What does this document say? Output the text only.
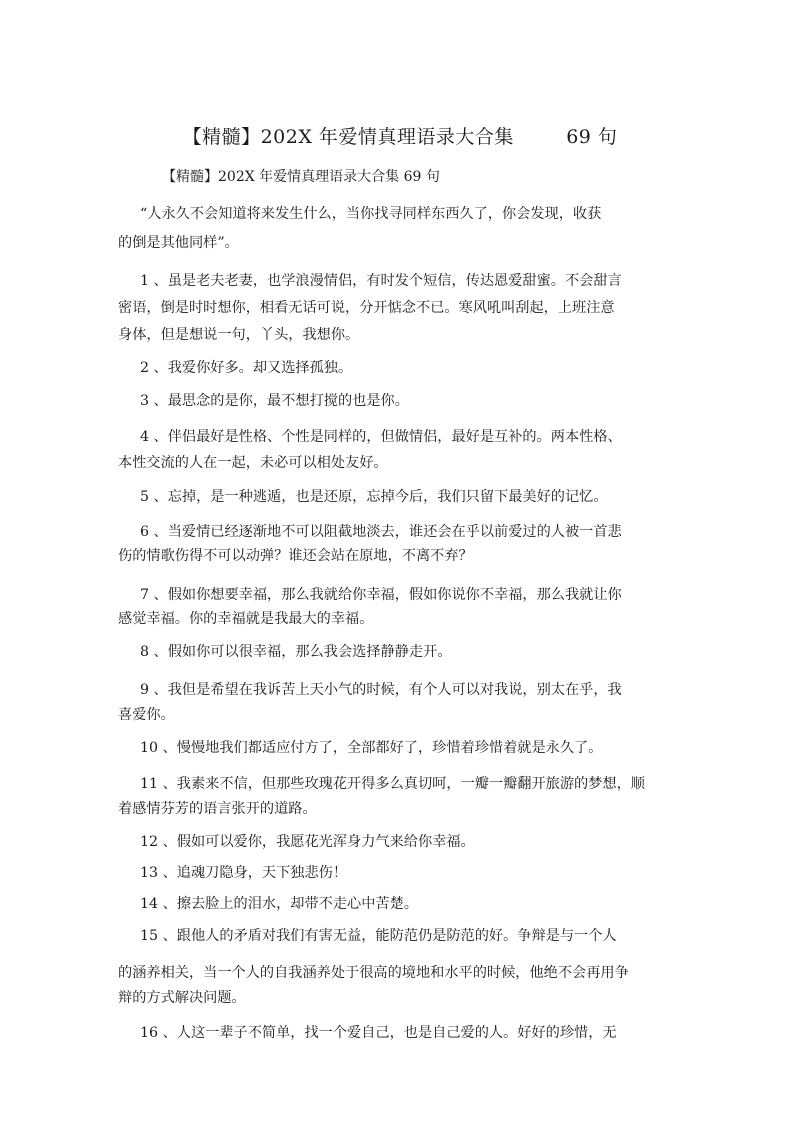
【精髓】202X 年爱情真理语录大合集        69 句
【精髓】202X 年爱情真理语录大合集 69 句
“人永久不会知道将来发生什么，当你找寻同样东西久了，你会发现，收获
的倒是其他同样”。
1 、虽是老夫老妻，也学浪漫情侣，有时发个短信，传达恩爱甜蜜。不会甜言
密语，倒是时时想你，相看无话可说，分开惦念不已。寒风吼叫刮起，上班注意
身体，但是想说一句，丫头，我想你。
2 、我爱你好多。却又选择孤独。
3 、最思念的是你，最不想打搅的也是你。
4 、伴侣最好是性格、个性是同样的，但做情侣，最好是互补的。两本性格、
本性交流的人在一起，未必可以相处友好。
5 、忘掉，是一种逃遁，也是还原，忘掉今后，我们只留下最美好的记忆。
6 、当爱情已经逐渐地不可以阻截地淡去，谁还会在乎以前爱过的人被一首悲
伤的情歌伤得不可以动弹？谁还会站在原地，不离不弃？
7 、假如你想要幸福，那么我就给你幸福，假如你说你不幸福，那么我就让你
感觉幸福。你的幸福就是我最大的幸福。
8 、假如你可以很幸福，那么我会选择静静走开。
9 、我但是希望在我诉苦上天小气的时候，有个人可以对我说，别太在乎，我
喜爱你。
10 、慢慢地我们都适应付方了，全部都好了，珍惜着珍惜着就是永久了。
11 、我素来不信，但那些玫瑰花开得多么真切呵，一瓣一瓣翻开旅游的梦想，顺
着感情芬芳的语言张开的道路。
12 、假如可以爱你，我愿花光浑身力气来给你幸福。
13 、追魂刀隐身，天下独悲伤！
14 、擦去脸上的泪水，却带不走心中苦楚。
15 、跟他人的矛盾对我们有害无益，能防范仍是防范的好。争辩是与一个人
的涵养相关，当一个人的自我涵养处于很高的境地和水平的时候，他绝不会再用争
辩的方式解决问题。
16 、人这一辈子不简单，找一个爱自己，也是自己爱的人。好好的珍惜，无
